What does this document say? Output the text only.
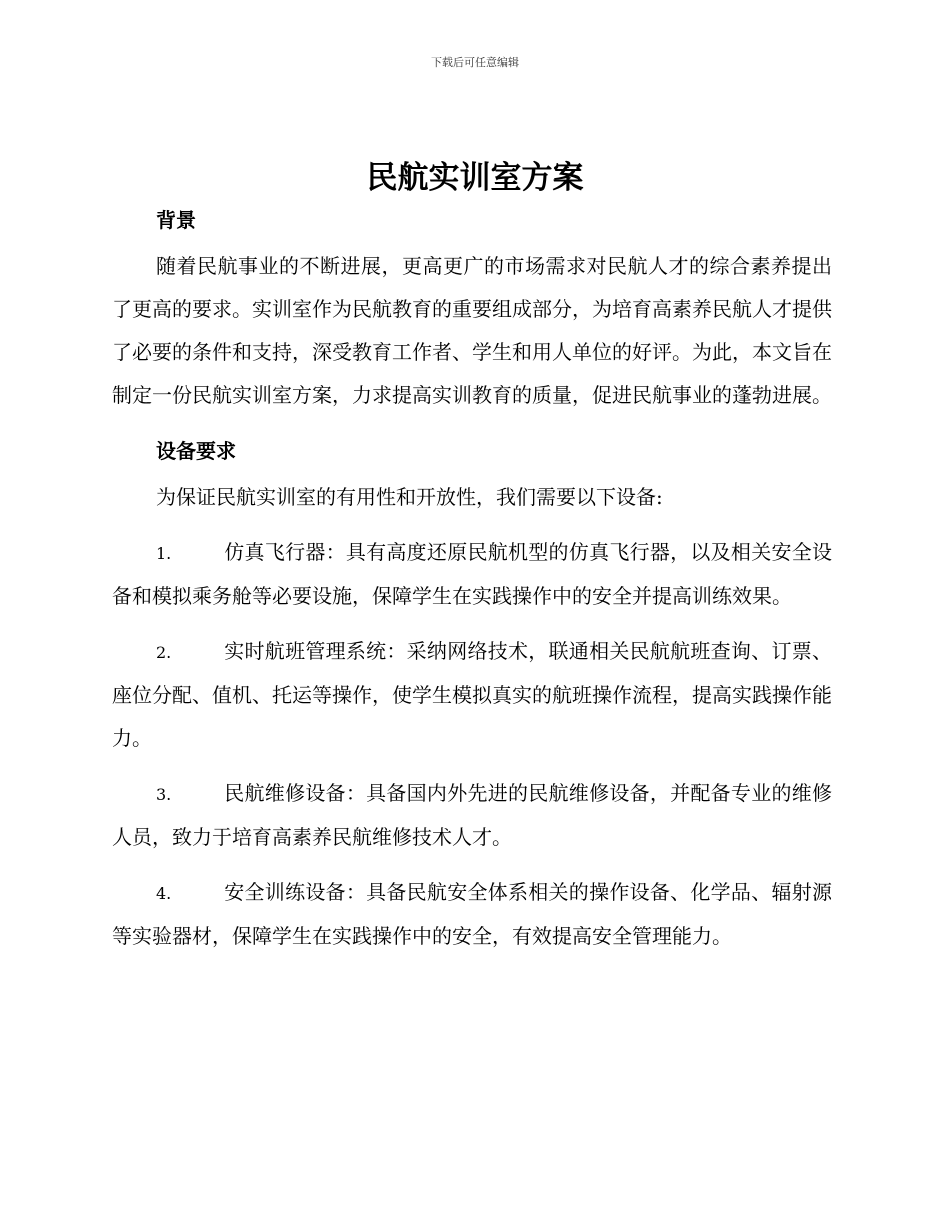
下载后可任意编辑
民航实训室方案

背景

随着民航事业的不断进展，更高更广的市场需求对民航人才的综合素养提出了更高的要求。实训室作为民航教育的重要组成部分，为培育高素养民航人才提供了必要的条件和支持，深受教育工作者、学生和用人单位的好评。为此，本文旨在制定一份民航实训室方案，力求提高实训教育的质量，促进民航事业的蓬勃进展。

设备要求

为保证民航实训室的有用性和开放性，我们需要以下设备:

1.	仿真飞行器：具有高度还原民航机型的仿真飞行器，以及相关安全设备和模拟乘务舱等必要设施，保障学生在实践操作中的安全并提高训练效果。

2.	实时航班管理系统：采纳网络技术，联通相关民航航班查询、订票、座位分配、值机、托运等操作，使学生模拟真实的航班操作流程，提高实践操作能力。

3.	民航维修设备：具备国内外先进的民航维修设备，并配备专业的维修人员，致力于培育高素养民航维修技术人才。

4.	安全训练设备：具备民航安全体系相关的操作设备、化学品、辐射源等实验器材，保障学生在实践操作中的安全，有效提高安全管理能力。
